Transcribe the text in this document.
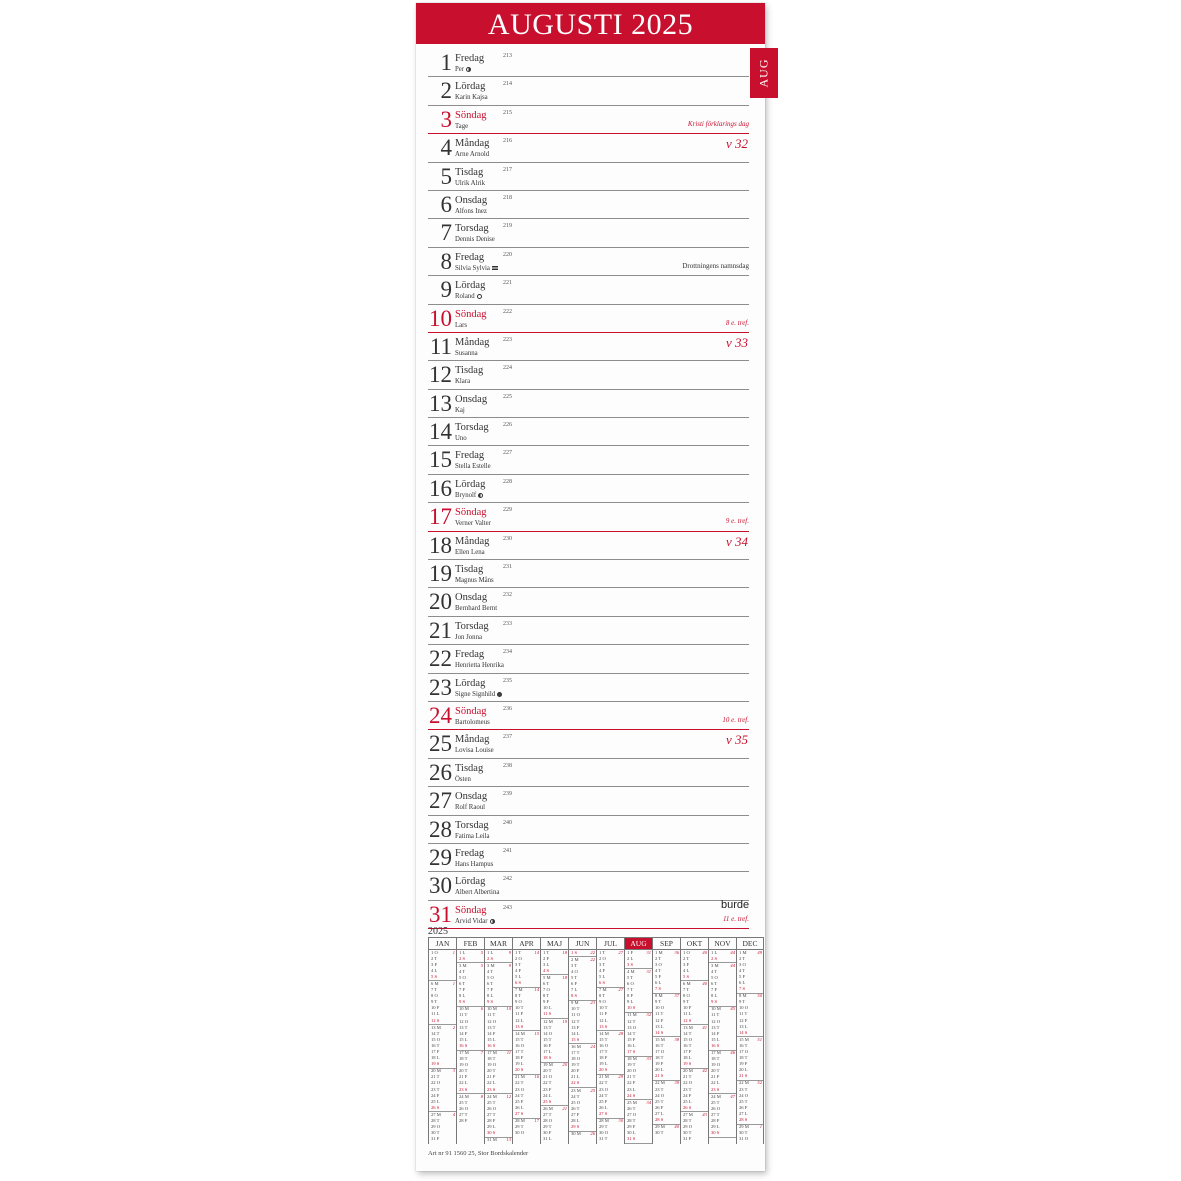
AUGUSTI 2025
AUG
1 Fredag
Per
213
2 Lördag
Karin Kajsa
214
3 Söndag
Tage
215
Kristi förklarings dag
4 Måndag
Arne Arnold
216	v 32
5 Tisdag
Ulrik Alrik
217
6 Onsdag
Alfons Inez
218
7 Torsdag
Dennis Denise
219
8 Fredag
Silvia Sylvia
220
Drottningens namnsdag
9 Lördag
Roland
221
10 Söndag
Lars
222
8 e. tref.
11 Måndag
Susanna
223	v 33
12 Tisdag
Klara
224
13 Onsdag
Kaj
225
14 Torsdag
Uno
226
15 Fredag
Stella Estelle
227
16 Lördag
Brynolf
228
17 Söndag
Verner Valter
229
9 e. tref.
18 Måndag
Ellen Lena
230	v 34
19 Tisdag
Magnus Måns
231
20 Onsdag
Bernhard Bernt
232
21 Torsdag
Jon Jonna
233
22 Fredag
Henrietta Henrika
234
23 Lördag
Signe Signhild
235
24 Söndag
Bartolomeus
236
10 e. tref.
25 Måndag
Lovisa Louise
237	v 35
26 Tisdag
Östen
238
27 Onsdag
Rolf Raoul
239
28 Torsdag
Fatima Leila
240
29 Fredag
Hans Hampus
241
30 Lördag
Albert Albertina
242
31 Söndag
Arvid Vidar
243
11 e. tref.
burde
2025
JAN
1 O	1
2 T
3 F
4 L
5 S
6 M	1
7 T
8 O
9 T
10 F
11 L
12 S
13 M	2
14 T
15 O
16 T
17 F
18 L
19 S
20 M	3
21 T
22 O
23 T
24 F
25 L
26 S
27 M	4
28 T
29 O
30 T
31 F
FEB
1 L	5
2 S
3 M	5
4 T
5 O
6 T
7 F
8 L
9 S
10 M	6
11 T
12 O
13 T
14 F
15 L
16 S
17 M	7
18 T
19 O
20 T
21 F
22 L
23 S
24 M	8
25 T
26 O
27 T
28 F
MAR
1 L	9
2 S
3 M	9
4 T
5 O
6 T
7 F
8 L
9 S
10 M 10
11 T
12 O
13 T
14 F
15 L
16 S
17 M 11
18 T
19 O
20 T
21 F
22 L
23 S
24 M 12
25 T
26 O
27 T
28 F
29 L
30 S
31 M 13
APR
1 T	14
2 O
3 T
4 F
5 L
6 S
7 M	14
8 T
9 O
10 T
11 F
12 L
13 S
14 M 15
15 T
16 O
17 T
18 F
19 L
20 S
21 M 16
22 T
23 O
24 T
25 F
26 L
27 S
28 M 17
29 T
30 O
MAJ
1 T	18
2 F
3 L
4 S
5 M	18
6 T
7 O
8 T
9 F
10 L
11 S
12 M 19
13 T
14 O
15 T
16 F
17 L
18 S
19 M 20
20 T
21 O
22 T
23 F
24 L
25 S
26 M 21
27 T
28 O
29 T
30 F
31 L
JUN
1 S	22
2 M	22
3 T
4 O
5 T
6 F
7 L
8 S
9 M	23
10 T
11 O
12 T
13 F
14 L
15 S
16 M 24
17 T
18 O
19 T
20 F
21 L
22 S
23 M 25
24 T
25 O
26 T
27 F
28 L
29 S
30 M 26
JUL
1 T	27
2 O
3 T
4 F
5 L
6 S
7 M	27
8 T
9 O
10 T
11 F
12 L
13 S
14 M 28
15 T
16 O
17 T
18 F
19 L
20 S
21 M 29
22 T
23 O
24 T
25 F
26 L
27 S
28 M 30
29 T
30 O
31 T
AUG
1 F	31
2 L
3 S
4 M	31
5 T
6 O
7 T
8 F
9 L
10 S
11 M 32
12 T
13 O
14 T
15 F
16 L
17 S
18 M 33
19 T
20 O
21 T
22 F
23 L
24 S
25 M 34
26 T
27 O
28 T
29 F
30 L
31 S
SEP
1 M	36
2 T
3 O
4 T
5 F
6 L
7 S
8 M	37
9 T
10 O
11 T
12 F
13 L
14 S
15 M 38
16 T
17 O
18 T
19 F
20 L
21 S
22 M 39
23 T
24 O
25 T
26 F
27 L
28 S
29 M 40
30 T
OKT
1 O	40
2 T
3 F
4 L
5 S
6 M	40
7 T
8 O
9 T
10 F
11 L
12 S
13 M 41
14 T
15 O
16 T
17 F
18 L
19 S
20 M 42
21 T
22 O
23 T
24 F
25 L
26 S
27 M 43
28 T
29 O
30 T
31 F
NOV
1 L	44
2 S
3 M	44
4 T
5 O
6 T
7 F
8 L
9 S
10 M 45
11 T
12 O
13 T
14 F
15 L
16 S
17 M 46
18 T
19 O
20 T
21 F
22 L
23 S
24 M 47
25 T
26 O
27 T
28 F
29 L
30 S
DEC
1 M 49
2 T
3 O
4 T
5 F
6 L
7 S
8 M 50
9 T
10 O
11 T
12 F
13 L
14 S
15 M 51
16 T
17 O
18 T
19 F
20 L
21 S
22 M 52
23 T
24 O
25 T
26 F
27 L
28 S
29 M 1
30 T
31 O
Art nr 91 1560 25, Stor Bordskalender
